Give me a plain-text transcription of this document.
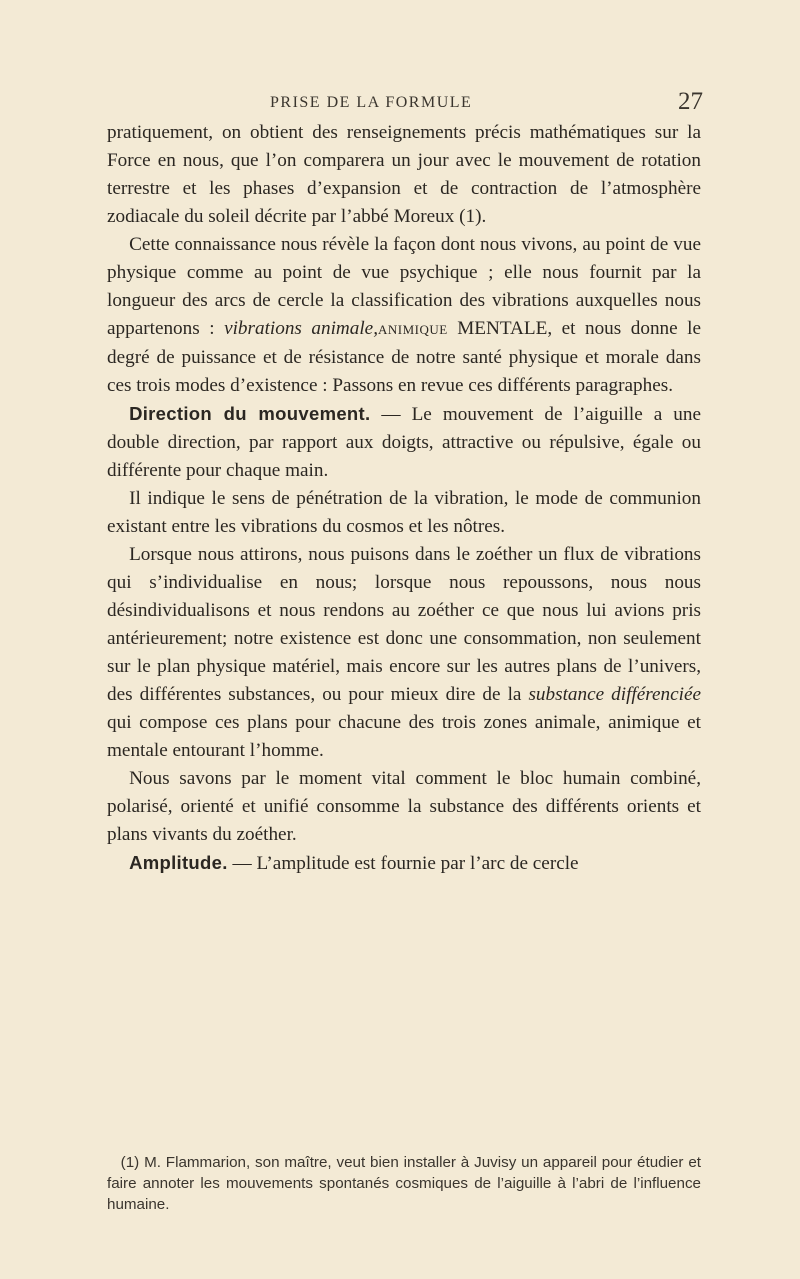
PRISE DE LA FORMULE	27

pratiquement, on obtient des renseignements précis mathématiques sur la Force en nous, que l’on comparera un jour avec le mouvement de rotation terrestre et les phases d’expansion et de contraction de l’atmosphère zodiacale du soleil décrite par l’abbé Moreux (1).

Cette connaissance nous révèle la façon dont nous vivons, au point de vue physique comme au point de vue psychique ; elle nous fournit par la longueur des arcs de cercle la classification des vibrations auxquelles nous appartenons : vibrations animale,ANIMIQUE MENTALE, et nous donne le degré de puissance et de résistance de notre santé physique et morale dans ces trois modes d’existence : Passons en revue ces différents paragraphes.

Direction du mouvement. — Le mouvement de l’aiguille a une double direction, par rapport aux doigts, attractive ou répulsive, égale ou différente pour chaque main.

Il indique le sens de pénétration de la vibration, le mode de communion existant entre les vibrations du cosmos et les nôtres.

Lorsque nous attirons, nous puisons dans le zoéther un flux de vibrations qui s’individualise en nous; lorsque nous repoussons, nous nous désindividualisons et nous rendons au zoéther ce que nous lui avions pris antérieurement; notre existence est donc une consommation, non seulement sur le plan physique matériel, mais encore sur les autres plans de l’univers, des différentes substances, ou pour mieux dire de la substance différenciée qui compose ces plans pour chacune des trois zones animale, animique et mentale entourant l’homme.

Nous savons par le moment vital comment le bloc humain combiné, polarisé, orienté et unifié consomme la substance des différents orients et plans vivants du zoéther.

Amplitude. — L’amplitude est fournie par l’arc de cercle

(1) M. Flammarion, son maître, veut bien installer à Juvisy un appareil pour étudier et faire annoter les mouvements spontanés cosmiques de l’aiguille à l’abri de l’influence humaine.
